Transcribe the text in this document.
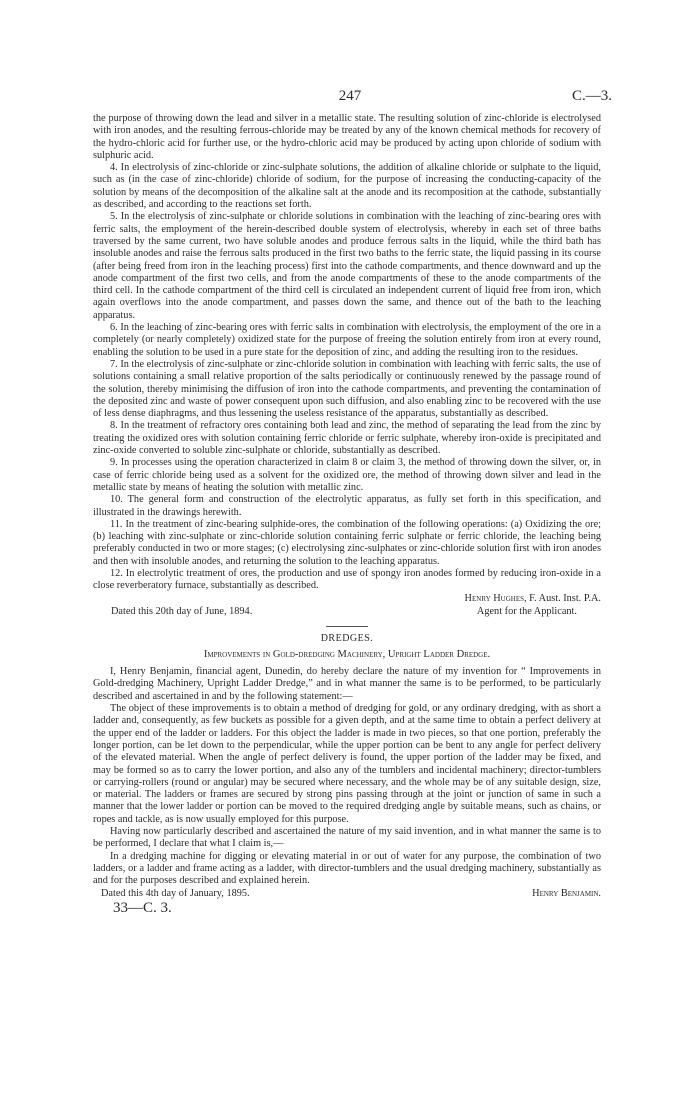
247	C.—3.

the purpose of throwing down the lead and silver in a metallic state. The resulting solution of zinc-chloride is electrolysed with iron anodes, and the resulting ferrous-chloride may be treated by any of the known chemical methods for recovery of the hydro-chloric acid for further use, or the hydro-chloric acid may be produced by acting upon chloride of sodium with sulphuric acid.

4. In electrolysis of zinc-chloride or zinc-sulphate solutions, the addition of alkaline chloride or sulphate to the liquid, such as (in the case of zinc-chloride) chloride of sodium, for the purpose of increasing the conducting-capacity of the solution by means of the decomposition of the alkaline salt at the anode and its recomposition at the cathode, substantially as described, and according to the reactions set forth.

5. In the electrolysis of zinc-sulphate or chloride solutions in combination with the leaching of zinc-bearing ores with ferric salts, the employment of the herein-described double system of electrolysis, whereby in each set of three baths traversed by the same current, two have soluble anodes and produce ferrous salts in the liquid, while the third bath has insoluble anodes and raise the ferrous salts produced in the first two baths to the ferric state, the liquid passing in its course (after being freed from iron in the leaching process) first into the cathode compartments, and thence downward and up the anode compartment of the first two cells, and from the anode compartments of these to the anode compartments of the third cell. In the cathode compartment of the third cell is circulated an independent current of liquid free from iron, which again overflows into the anode compartment, and passes down the same, and thence out of the bath to the leaching apparatus.

6. In the leaching of zinc-bearing ores with ferric salts in combination with electrolysis, the employment of the ore in a completely (or nearly completely) oxidized state for the purpose of freeing the solution entirely from iron at every round, enabling the solution to be used in a pure state for the deposition of zinc, and adding the resulting iron to the residues.

7. In the electrolysis of zinc-sulphate or zinc-chloride solution in combination with leaching with ferric salts, the use of solutions containing a small relative proportion of the salts periodically or continuously renewed by the passage round of the solution, thereby minimising the diffusion of iron into the cathode compartments, and preventing the contamination of the deposited zinc and waste of power consequent upon such diffusion, and also enabling zinc to be recovered with the use of less dense diaphragms, and thus lessening the useless resistance of the apparatus, substantially as described.

8. In the treatment of refractory ores containing both lead and zinc, the method of separating the lead from the zinc by treating the oxidized ores with solution containing ferric chloride or ferric sulphate, whereby iron-oxide is precipitated and zinc-oxide converted to soluble zinc-sulphate or chloride, substantially as described.

9. In processes using the operation characterized in claim 8 or claim 3, the method of throwing down the silver, or, in case of ferric chloride being used as a solvent for the oxidized ore, the method of throwing down silver and lead in the metallic state by means of heating the solution with metallic zinc.

10. The general form and construction of the electrolytic apparatus, as fully set forth in this specification, and illustrated in the drawings herewith.

11. In the treatment of zinc-bearing sulphide-ores, the combination of the following operations: (a) Oxidizing the ore; (b) leaching with zinc-sulphate or zinc-chloride solution containing ferric sulphate or ferric chloride, the leaching being preferably conducted in two or more stages; (c) electrolysing zinc-sulphates or zinc-chloride solution first with iron anodes and then with insoluble anodes, and returning the solution to the leaching apparatus.

12. In electrolytic treatment of ores, the production and use of spongy iron anodes formed by reducing iron-oxide in a close reverberatory furnace, substantially as described.

Henry Hughes, F. Aust. Inst. P.A.
Dated this 20th day of June, 1894.	Agent for the Applicant.
DREDGES.
Improvements in Gold-dredging Machinery, Upright Ladder Dredge.

I, Henry Benjamin, financial agent, Dunedin, do hereby declare the nature of my invention for “ Improvements in Gold-dredging Machinery, Upright Ladder Dredge,” and in what manner the same is to be performed, to be particularly described and ascertained in and by the following statement:—

The object of these improvements is to obtain a method of dredging for gold, or any ordinary dredging, with as short a ladder and, consequently, as few buckets as possible for a given depth, and at the same time to obtain a perfect delivery at the upper end of the ladder or ladders. For this object the ladder is made in two pieces, so that one portion, preferably the longer portion, can be let down to the perpendicular, while the upper portion can be bent to any angle for perfect delivery of the elevated material. When the angle of perfect delivery is found, the upper portion of the ladder may be fixed, and may be formed so as to carry the lower portion, and also any of the tumblers and incidental machinery; director-tumblers or carrying-rollers (round or angular) may be secured where necessary, and the whole may be of any suitable design, size, or material. The ladders or frames are secured by strong pins passing through at the joint or junction of same in such a manner that the lower ladder or portion can be moved to the required dredging angle by suitable means, such as chains, or ropes and tackle, as is now usually employed for this purpose.

Having now particularly described and ascertained the nature of my said invention, and in what manner the same is to be performed, I declare that what I claim is,—

In a dredging machine for digging or elevating material in or out of water for any purpose, the combination of two ladders, or a ladder and frame acting as a ladder, with director-tumblers and the usual dredging machinery, substantially as and for the purposes described and explained herein.

Dated this 4th day of January, 1895.	Henry Benjamin.
33—C. 3.
